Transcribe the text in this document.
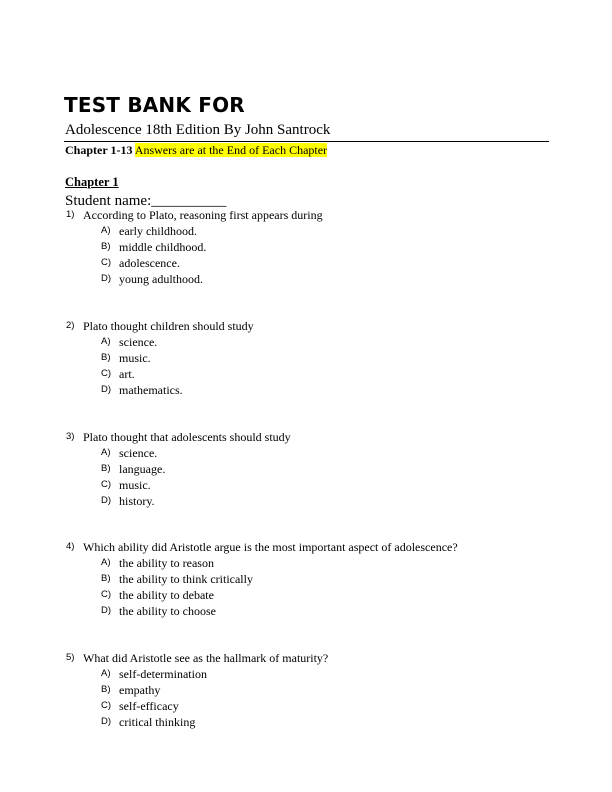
TEST BANK FOR
Adolescence 18th Edition By John Santrock
Chapter 1-13 Answers are at the End of Each Chapter
Chapter 1
Student name:__________
1) According to Plato, reasoning first appears during
A) early childhood.
B) middle childhood.
C) adolescence.
D) young adulthood.
2) Plato thought children should study
A) science.
B) music.
C) art.
D) mathematics.
3) Plato thought that adolescents should study
A) science.
B) language.
C) music.
D) history.
4) Which ability did Aristotle argue is the most important aspect of adolescence?
A) the ability to reason
B) the ability to think critically
C) the ability to debate
D) the ability to choose
5) What did Aristotle see as the hallmark of maturity?
A) self-determination
B) empathy
C) self-efficacy
D) critical thinking
